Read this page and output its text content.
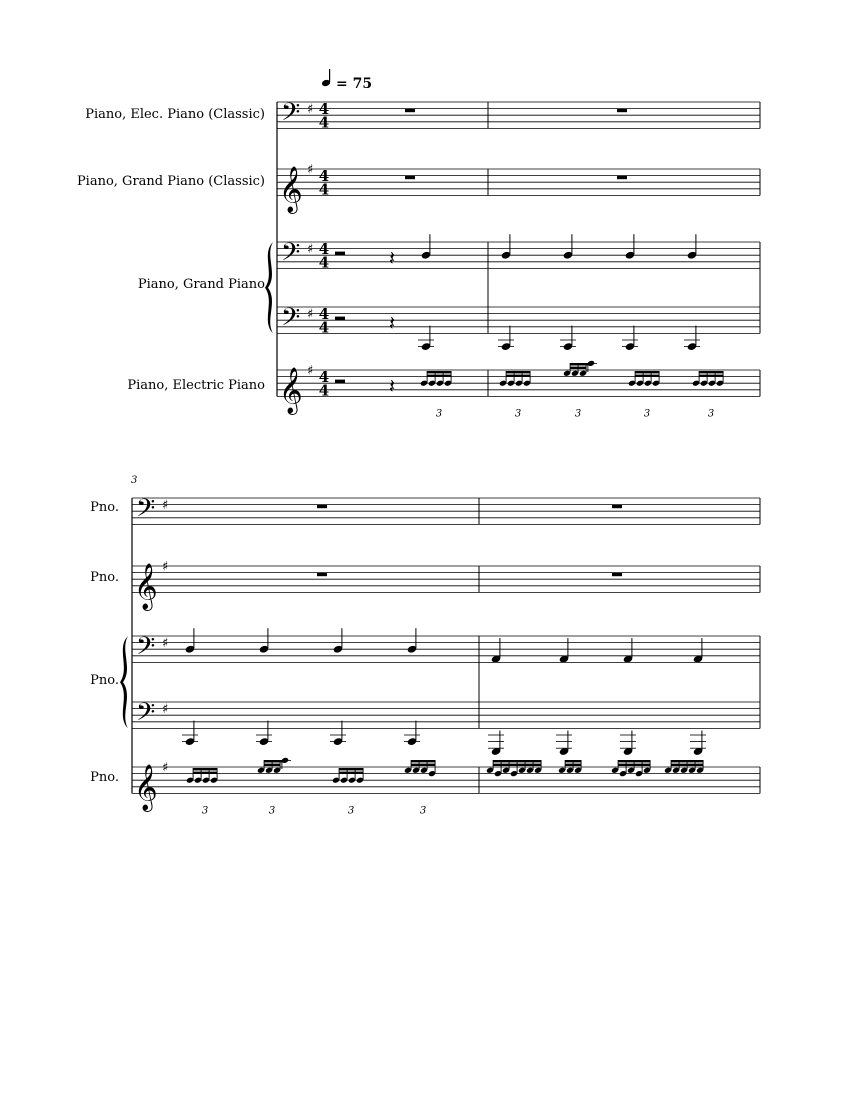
= 75
Piano, Elec. Piano (Classic)
Piano, Grand Piano (Classic)
Piano, Grand Piano
Piano, Electric Piano
Pno.
Pno.
Pno.
Pno.
3
𝄢 ♯ 4
4
𝄞 ♯ 4
4
𝄢 ♯ 4
4
𝄢 ♯ 4
4
𝄞 ♯ 4
4
𝄢 ♯
𝄞 ♯
𝄢 ♯
𝄢 ♯
𝄞 ♯
𝄽
𝄽
𝄽
3	3	3	3	3
3	3	3	3
